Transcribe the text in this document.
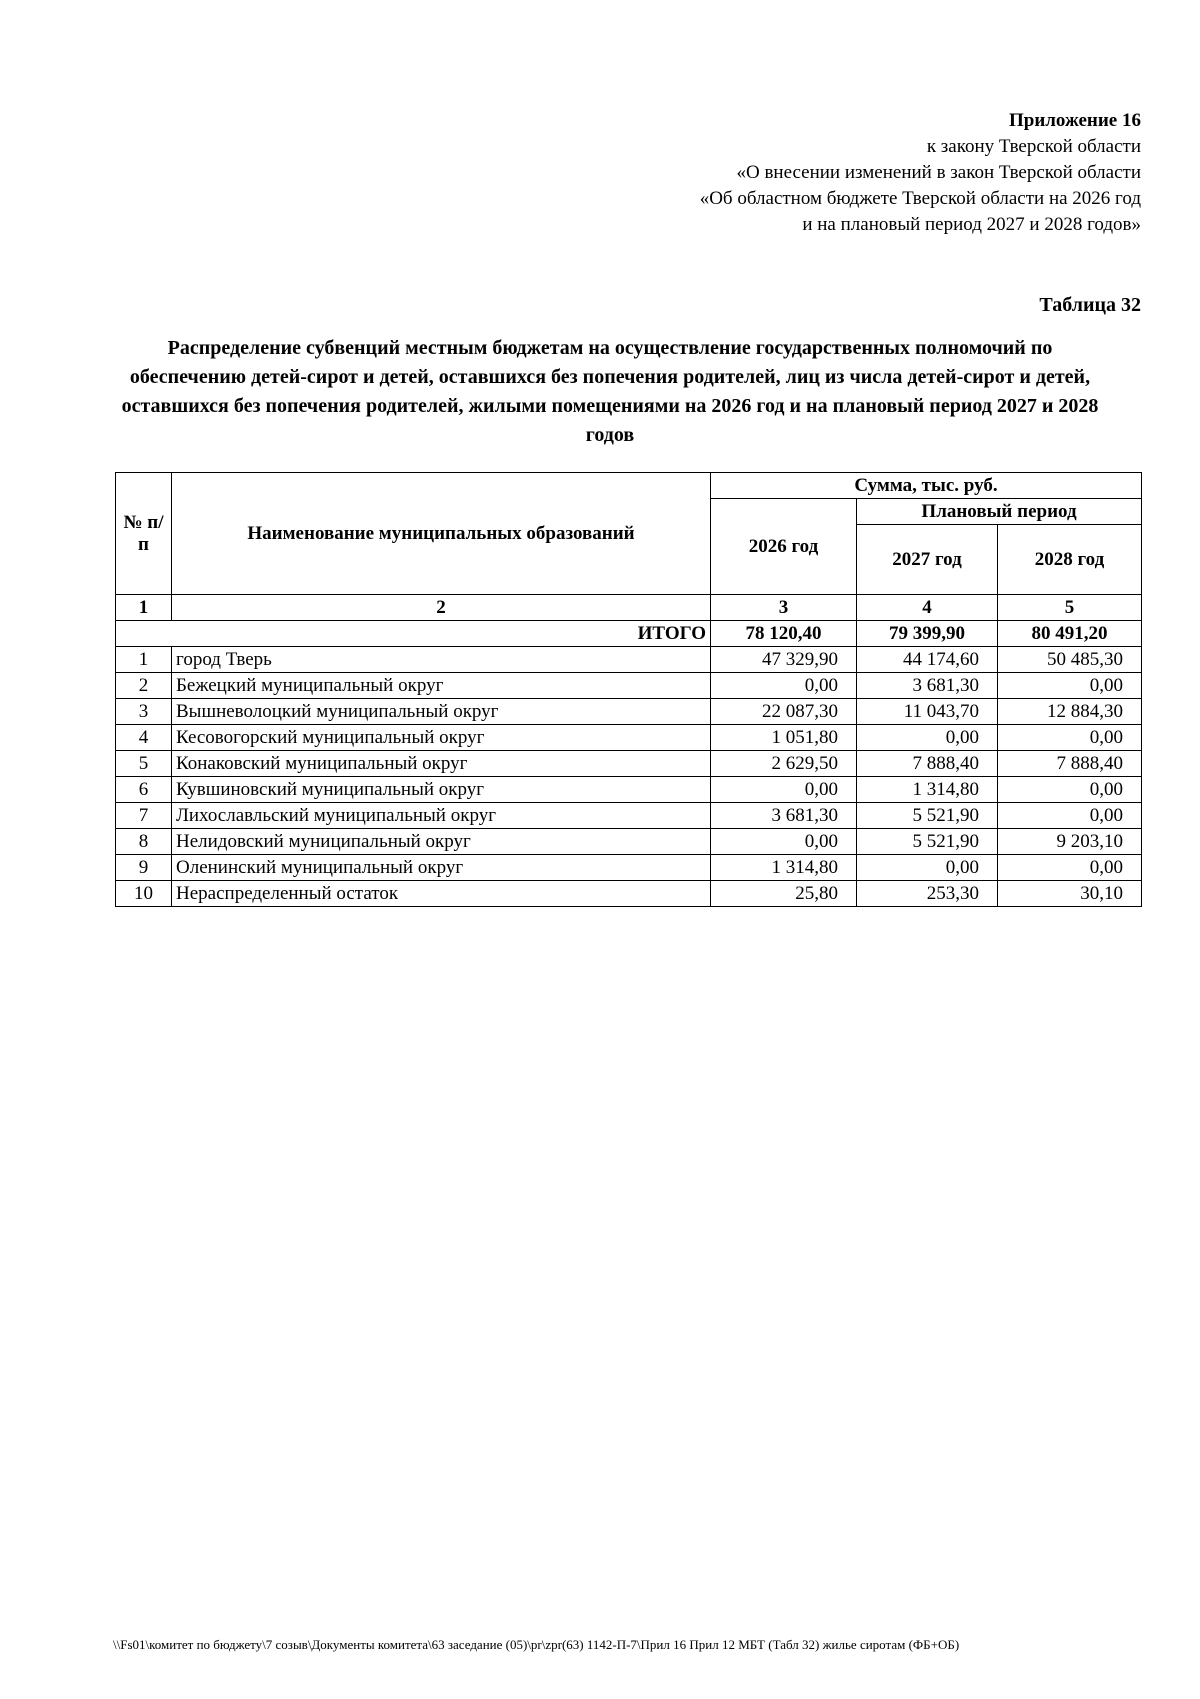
Приложение 16
к закону Тверской области
«О внесении изменений в закон Тверской области
«Об областном бюджете Тверской области на 2026 год
и на плановый период 2027 и 2028 годов»
Таблица 32
Распределение субвенций местным бюджетам на осуществление государственных полномочий по обеспечению детей-сирот и детей, оставшихся без попечения родителей, лиц из числа детей-сирот и детей, оставшихся без попечения родителей, жилыми помещениями на 2026 год и на плановый период 2027 и 2028 годов
№ п/п	Наименование муниципальных образований	Сумма, тыс. руб.		
		2026 год	Плановый период	
			2027 год	2028 год
1	2	3	4	5
ИТОГО		78 120,40	79 399,90	80 491,20
1	город Тверь	47 329,90	44 174,60	50 485,30
2	Бежецкий муниципальный округ	0,00	3 681,30	0,00
3	Вышневолоцкий муниципальный округ	22 087,30	11 043,70	12 884,30
4	Кесовогорский муниципальный округ	1 051,80	0,00	0,00
5	Конаковский муниципальный округ	2 629,50	7 888,40	7 888,40
6	Кувшиновский муниципальный округ	0,00	1 314,80	0,00
7	Лихославльский муниципальный округ	3 681,30	5 521,90	0,00
8	Нелидовский муниципальный округ	0,00	5 521,90	9 203,10
9	Оленинский муниципальный округ	1 314,80	0,00	0,00
10	Нераспределенный остаток	25,80	253,30	30,10
\\Fs01\комитет по бюджету\7 созыв\Документы комитета\63 заседание (05)\pr\zpr(63) 1142-П-7\Прил 16 Прил 12 МБТ (Табл 32) жилье сиротам (ФБ+ОБ)
